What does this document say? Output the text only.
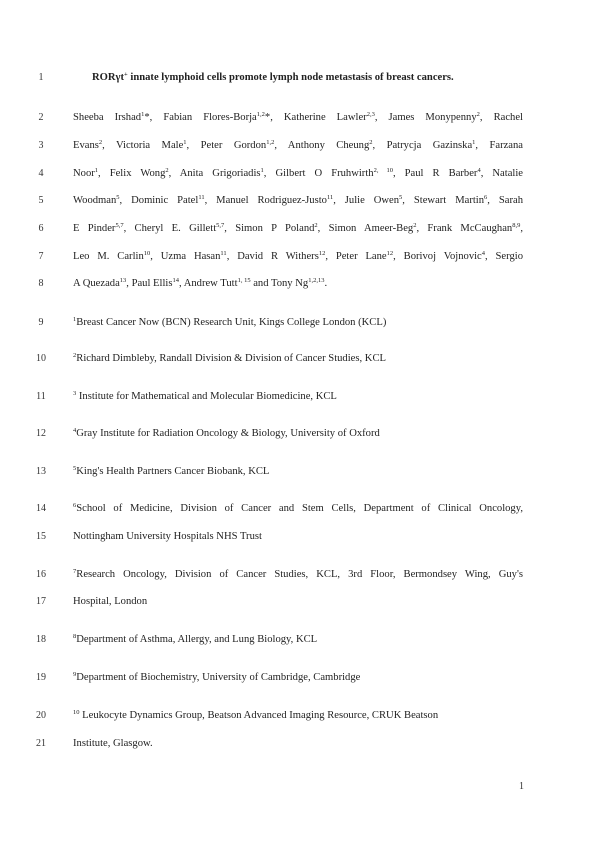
1	RORγt+ innate lymphoid cells promote lymph node metastasis of breast cancers.
2	Sheeba Irshad$^1$*, Fabian Flores-Borja$^{1,2}$*, Katherine Lawler$^{2,3}$, James Monypenny$^2$, Rachel
3	Evans$^2$, Victoria Male$^1$, Peter Gordon$^{1,2}$, Anthony Cheung$^2$, Patrycja Gazinska$^1$, Farzana
4	Noor$^1$, Felix Wong$^2$, Anita Grigoriadis$^1$, Gilbert O Fruhwirth$^{2, 10}$, Paul R Barber$^4$, Natalie
5	Woodman$^5$, Dominic Patel$^{11}$, Manuel Rodriguez-Justo$^{11}$, Julie Owen$^5$, Stewart Martin$^6$, Sarah
6	E Pinder$^{5,7}$, Cheryl E. Gillett$^{5,7}$, Simon P Poland$^2$, Simon Ameer-Beg$^2$, Frank McCaughan$^{8,9}$,
7	Leo M. Carlin$^{10}$, Uzma Hasan$^{11}$, David R Withers$^{12}$, Peter Lane$^{12}$, Borivoj Vojnovic$^4$, Sergio
8	A Quezada$^{13}$, Paul Ellis$^{14}$, Andrew Tutt$^{1, 15}$ and Tony Ng$^{1,2,13}$.
9	$^1$Breast Cancer Now (BCN) Research Unit, Kings College London (KCL)
10	$^2$Richard Dimbleby, Randall Division & Division of Cancer Studies, KCL
11	$^3$ Institute for Mathematical and Molecular Biomedicine, KCL
12	$^4$Gray Institute for Radiation Oncology & Biology, University of Oxford
13	$^5$King's Health Partners Cancer Biobank, KCL
14	$^6$School of Medicine, Division of Cancer and Stem Cells, Department of Clinical Oncology,
15	Nottingham University Hospitals NHS Trust
16	$^7$Research Oncology, Division of Cancer Studies, KCL, 3rd Floor, Bermondsey Wing, Guy's
17	Hospital, London
18	$^8$Department of Asthma, Allergy, and Lung Biology, KCL
19	$^9$Department of Biochemistry, University of Cambridge, Cambridge
20	$^{10}$ Leukocyte Dynamics Group, Beatson Advanced Imaging Resource, CRUK Beatson
21	Institute, Glasgow.
1
